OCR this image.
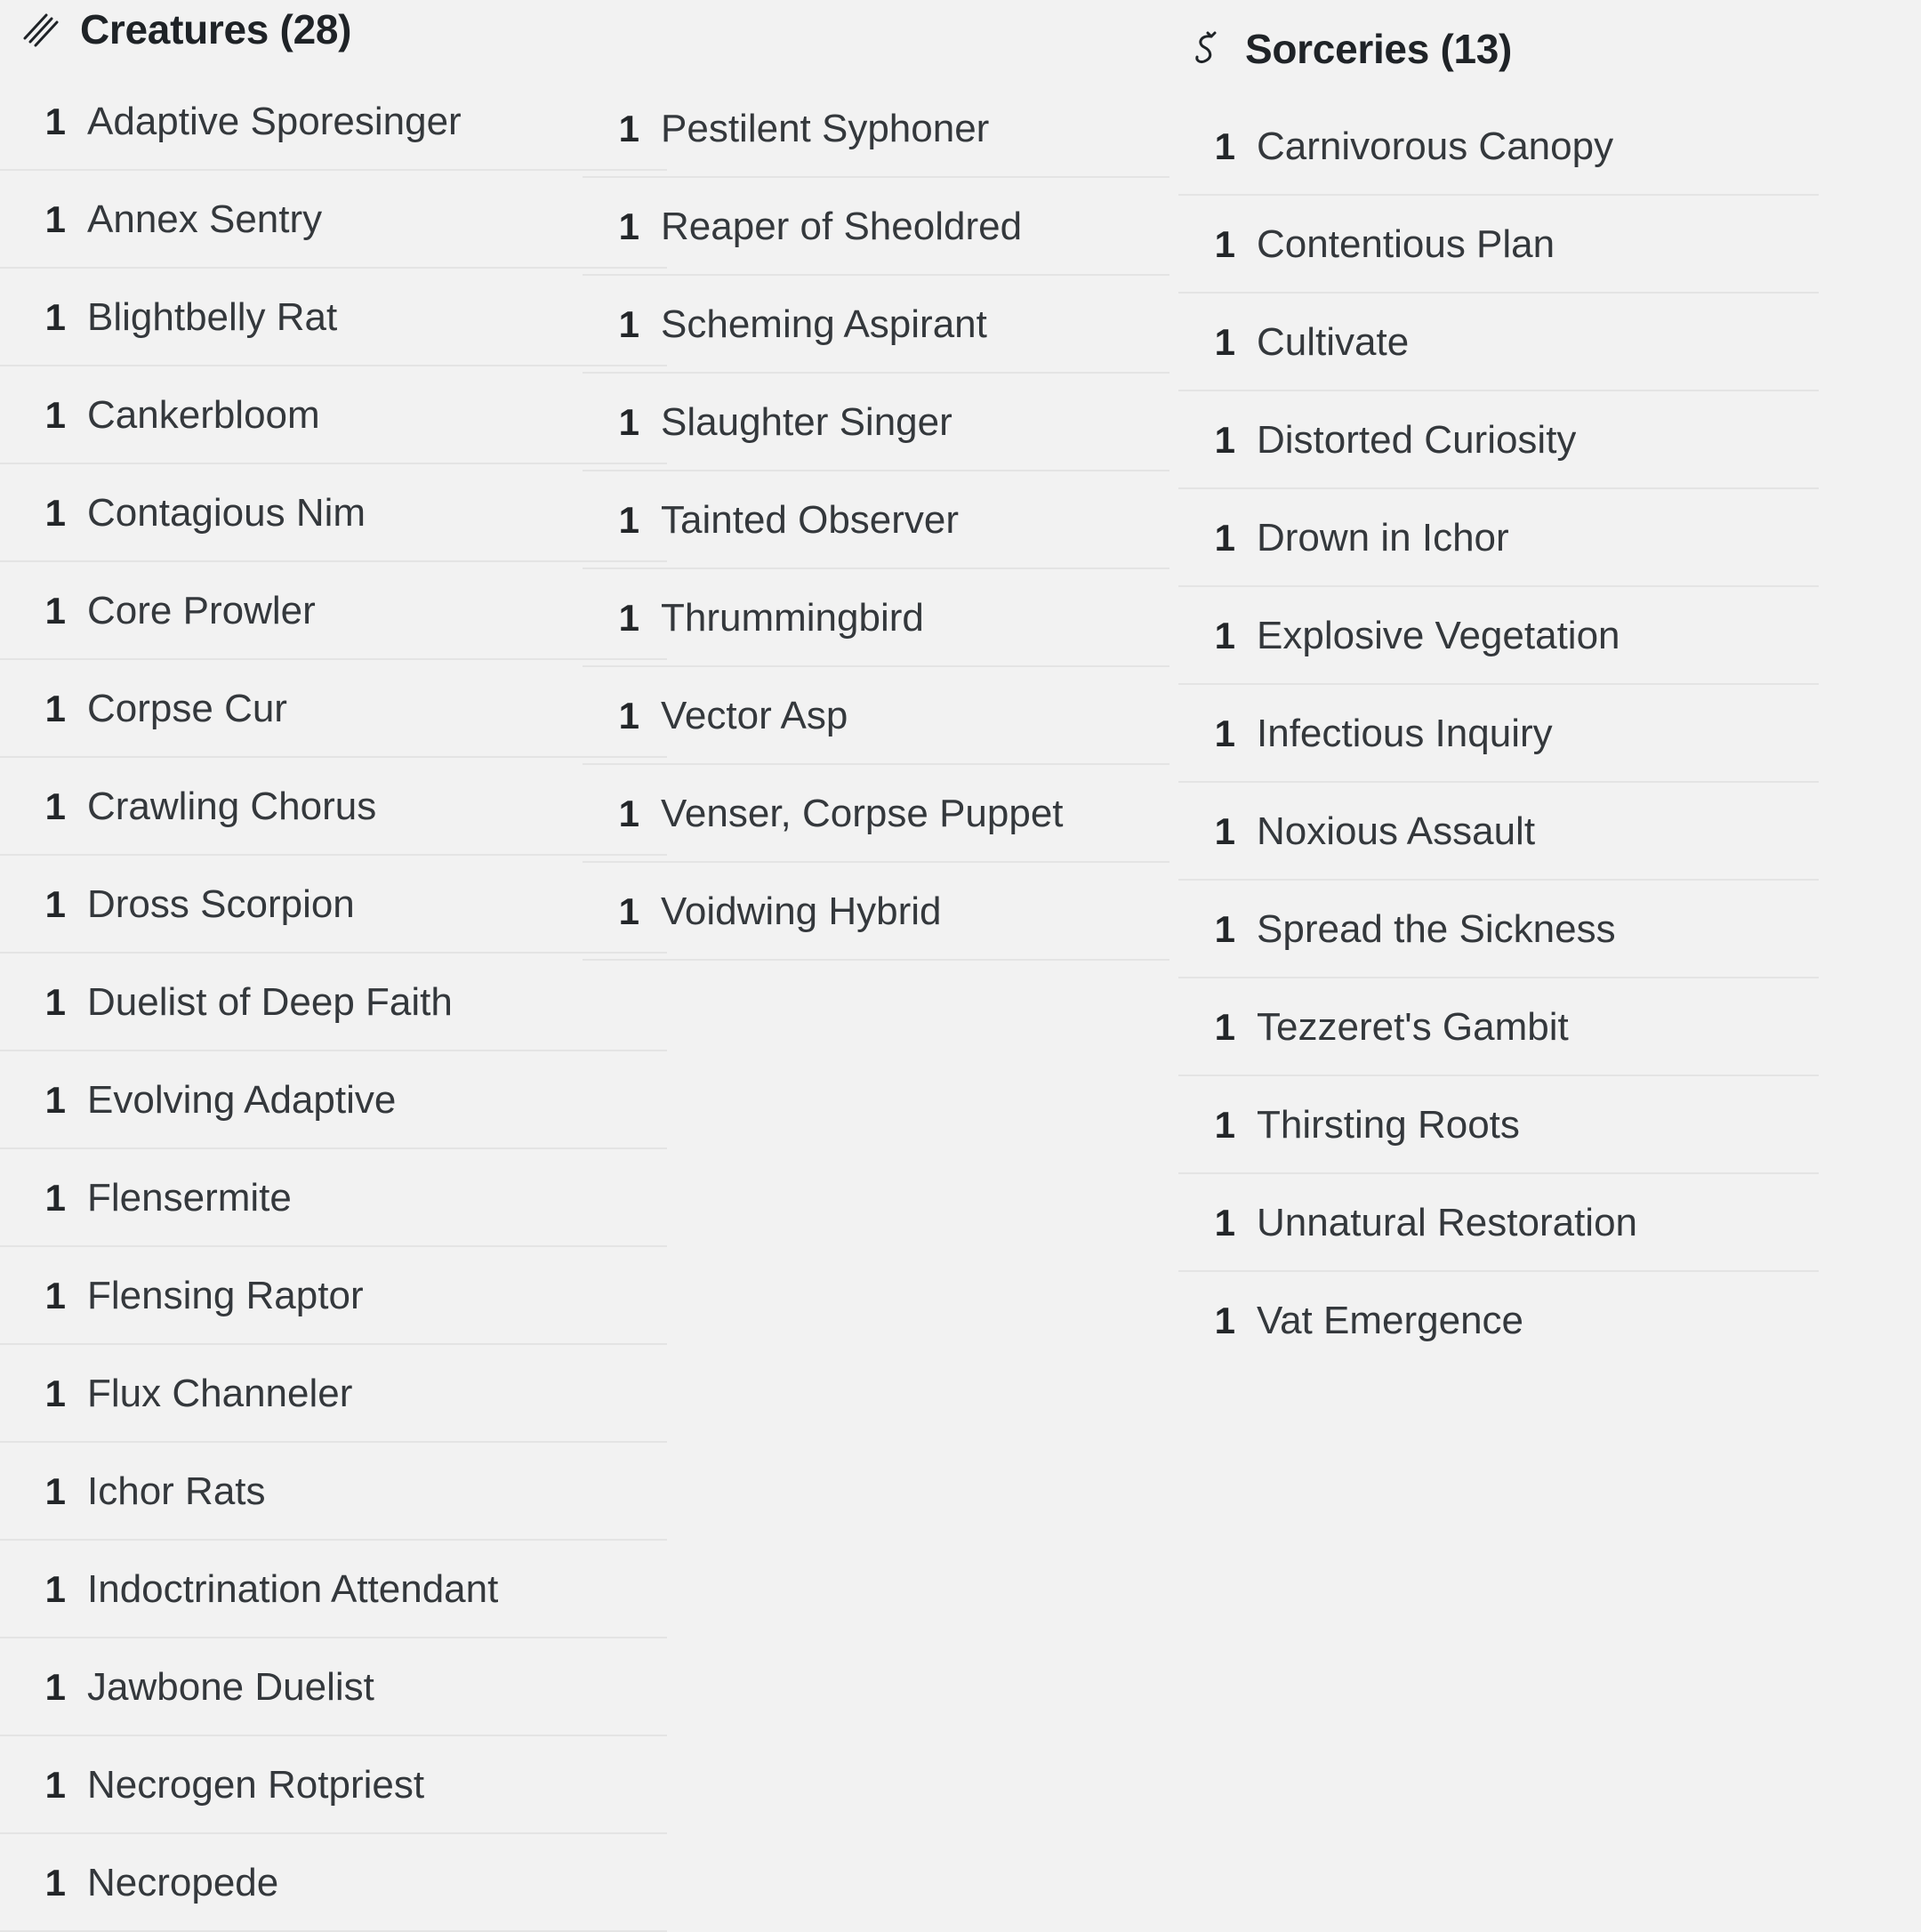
Creatures (28)
1 Adaptive Sporesinger
1 Annex Sentry
1 Blightbelly Rat
1 Cankerbloom
1 Contagious Nim
1 Core Prowler
1 Corpse Cur
1 Crawling Chorus
1 Dross Scorpion
1 Duelist of Deep Faith
1 Evolving Adaptive
1 Flensermite
1 Flensing Raptor
1 Flux Channeler
1 Ichor Rats
1 Indoctrination Attendant
1 Jawbone Duelist
1 Necrogen Rotpriest
1 Necropede
1 Pestilent Syphoner
1 Reaper of Sheoldred
1 Scheming Aspirant
1 Slaughter Singer
1 Tainted Observer
1 Thrummingbird
1 Vector Asp
1 Venser, Corpse Puppet
1 Voidwing Hybrid
Sorceries (13)
1 Carnivorous Canopy
1 Contentious Plan
1 Cultivate
1 Distorted Curiosity
1 Drown in Ichor
1 Explosive Vegetation
1 Infectious Inquiry
1 Noxious Assault
1 Spread the Sickness
1 Tezzeret's Gambit
1 Thirsting Roots
1 Unnatural Restoration
1 Vat Emergence
